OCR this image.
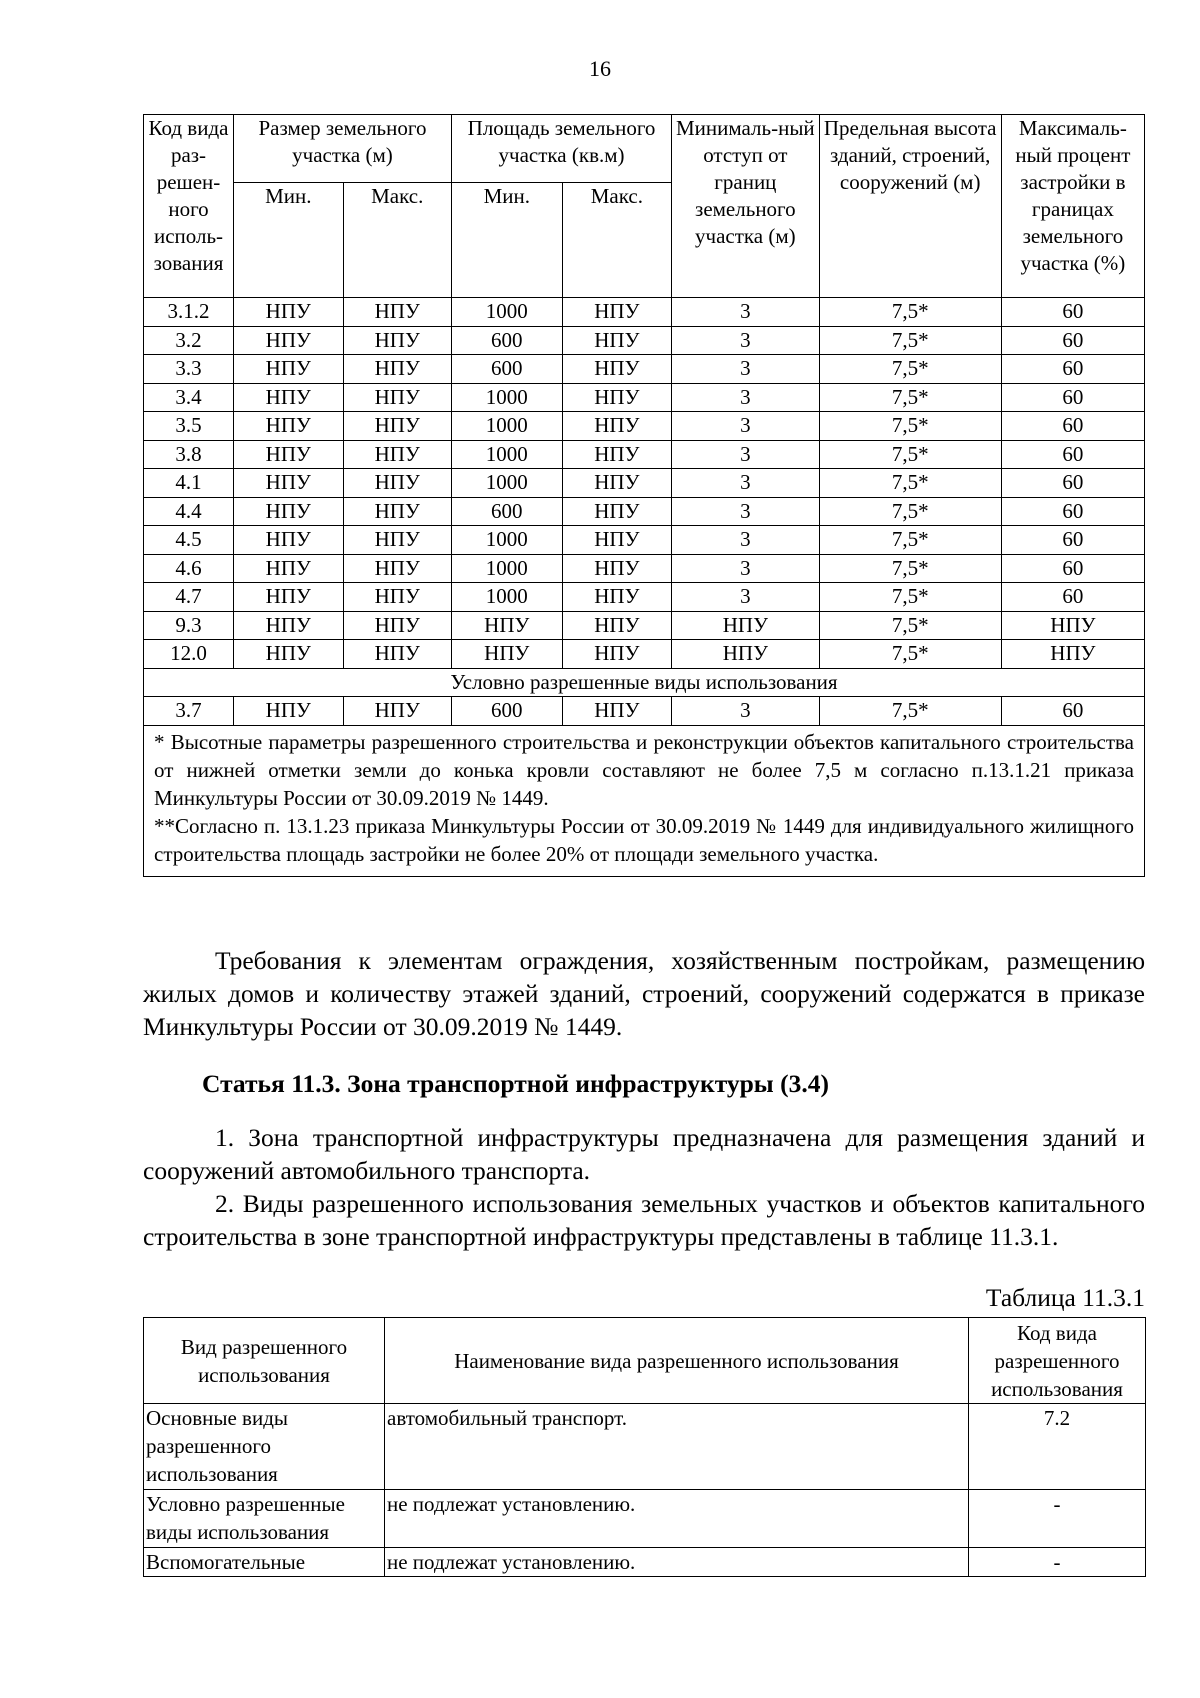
16
Код вида раз-решен-ного исполь-зования	Размер земельного участка (м)		Площадь земельного участка (кв.м)		Минималь-ный отступ от границ земельного участка (м)	Предельная высота зданий, строений, сооружений (м)	Максималь-ный процент застройки в границах земельного участка (%)
	Мин.	Макс.	Мин.	Макс.			
3.1.2	НПУ	НПУ	1000	НПУ	3	7,5*	60
3.2	НПУ	НПУ	600	НПУ	3	7,5*	60
3.3	НПУ	НПУ	600	НПУ	3	7,5*	60
3.4	НПУ	НПУ	1000	НПУ	3	7,5*	60
3.5	НПУ	НПУ	1000	НПУ	3	7,5*	60
3.8	НПУ	НПУ	1000	НПУ	3	7,5*	60
4.1	НПУ	НПУ	1000	НПУ	3	7,5*	60
4.4	НПУ	НПУ	600	НПУ	3	7,5*	60
4.5	НПУ	НПУ	1000	НПУ	3	7,5*	60
4.6	НПУ	НПУ	1000	НПУ	3	7,5*	60
4.7	НПУ	НПУ	1000	НПУ	3	7,5*	60
9.3	НПУ	НПУ	НПУ	НПУ	НПУ	7,5*	НПУ
12.0	НПУ	НПУ	НПУ	НПУ	НПУ	7,5*	НПУ
Условно разрешенные виды использования							
3.7	НПУ	НПУ	600	НПУ	3	7,5*	60

* Высотные параметры разрешенного строительства и реконструкции объектов капитального строительства от нижней отметки земли до конька кровли составляют не более 7,5 м согласно п.13.1.21 приказа Минкультуры России от 30.09.2019 № 1449.

**Согласно п. 13.1.23 приказа Минкультуры России от 30.09.2019 № 1449 для индивидуального жилищного строительства площадь застройки не более 20% от площади земельного участка.							

Требования к элементам ограждения, хозяйственным постройкам, размещению жилых домов и количеству этажей зданий, строений, сооружений содержатся в приказе Минкультуры России от 30.09.2019 № 1449.

Статья 11.3. Зона транспортной инфраструктуры (3.4)

1. Зона транспортной инфраструктуры предназначена для размещения зданий и сооружений автомобильного транспорта.

2. Виды разрешенного использования земельных участков и объектов капитального строительства в зоне транспортной инфраструктуры представлены в таблице 11.3.1.

Таблица 11.3.1

Вид разрешенного использования	Наименование вида разрешенного использования	Код вида разрешенного использования
Основные виды разрешенного использования	автомобильный транспорт.	7.2
Условно разрешенные виды использования	не подлежат установлению.	-
Вспомогательные	не подлежат установлению.	-
